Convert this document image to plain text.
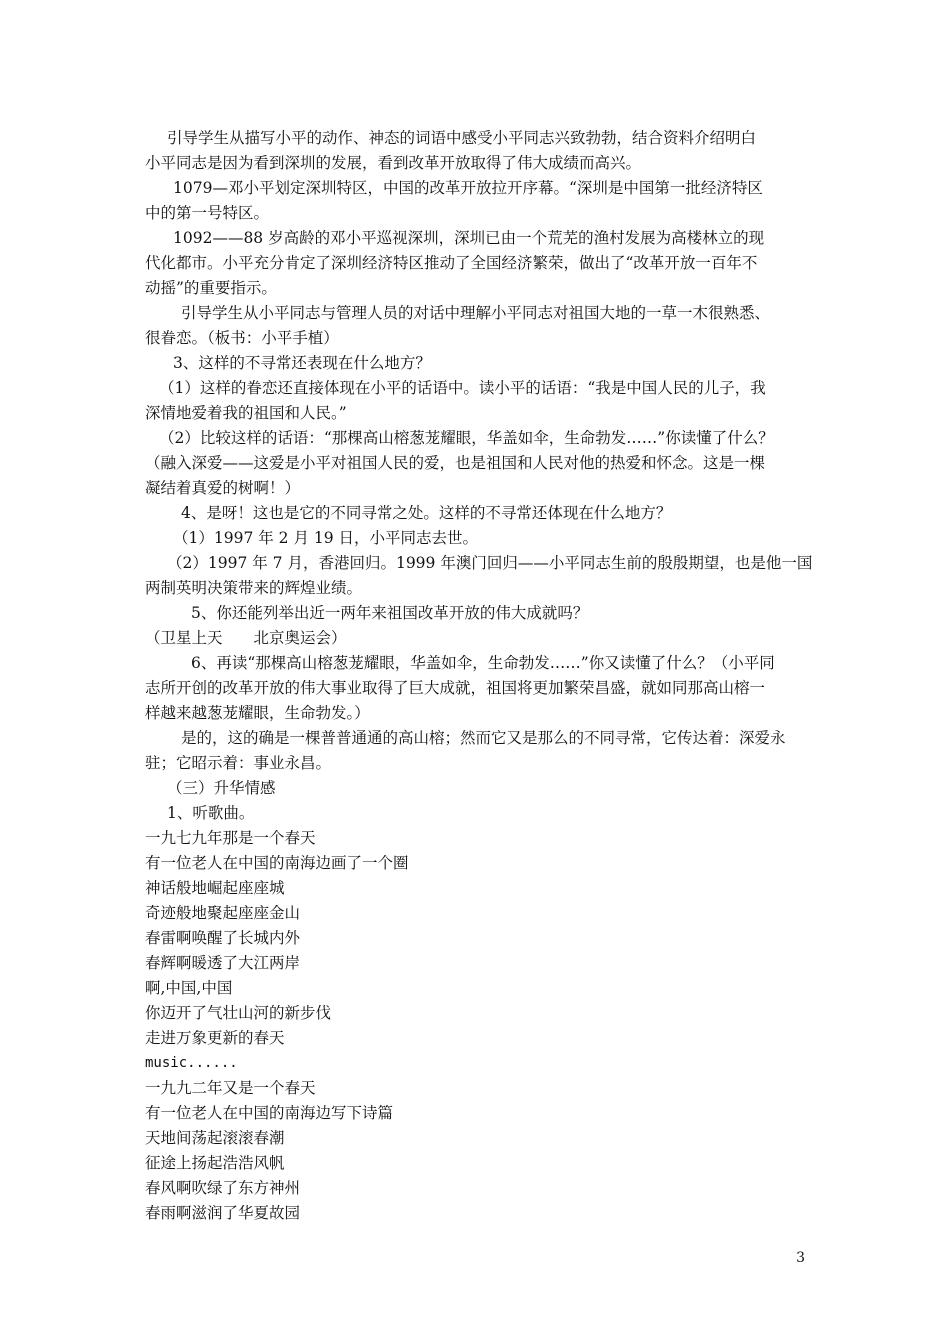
引导学生从描写小平的动作、神态的词语中感受小平同志兴致勃勃，结合资料介绍明白

小平同志是因为看到深圳的发展，看到改革开放取得了伟大成绩而高兴。

1079—邓小平划定深圳特区，中国的改革开放拉开序幕。“深圳是中国第一批经济特区

中的第一号特区。

1092——88 岁高龄的邓小平巡视深圳，深圳已由一个荒芜的渔村发展为高楼林立的现

代化都市。小平充分肯定了深圳经济特区推动了全国经济繁荣，做出了“改革开放一百年不

动摇”的重要指示。

引导学生从小平同志与管理人员的对话中理解小平同志对祖国大地的一草一木很熟悉、

很眷恋。（板书：小平手植）

3、这样的不寻常还表现在什么地方？

（1）这样的眷恋还直接体现在小平的话语中。读小平的话语：“我是中国人民的儿子，我

深情地爱着我的祖国和人民。”

（2）比较这样的话语：“那棵高山榕葱茏耀眼，华盖如伞，生命勃发……”你读懂了什么？

（融入深爱——这爱是小平对祖国人民的爱，也是祖国和人民对他的热爱和怀念。这是一棵

凝结着真爱的树啊！）

4、是呀！这也是它的不同寻常之处。这样的不寻常还体现在什么地方？

（1）1997 年 2 月 19 日，小平同志去世。

（2）1997 年 7 月，香港回归。1999 年澳门回归——小平同志生前的殷殷期望，也是他一国

两制英明决策带来的辉煌业绩。

5、你还能列举出近一两年来祖国改革开放的伟大成就吗？

（卫星上天　　北京奥运会）

6、再读“那棵高山榕葱茏耀眼，华盖如伞，生命勃发……”你又读懂了什么？（小平同

志所开创的改革开放的伟大事业取得了巨大成就，祖国将更加繁荣昌盛，就如同那高山榕一

样越来越葱茏耀眼，生命勃发。）

是的，这的确是一棵普普通通的高山榕；然而它又是那么的不同寻常，它传达着：深爱永

驻；它昭示着：事业永昌。

（三）升华情感

1、听歌曲。

一九七九年那是一个春天

有一位老人在中国的南海边画了一个圈

神话般地崛起座座城

奇迹般地聚起座座金山

春雷啊唤醒了长城内外

春辉啊暖透了大江两岸

啊,中国,中国

你迈开了气壮山河的新步伐

走进万象更新的春天

music......

一九九二年又是一个春天

有一位老人在中国的南海边写下诗篇

天地间荡起滚滚春潮

征途上扬起浩浩风帆

春风啊吹绿了东方神州

春雨啊滋润了华夏故园

3
